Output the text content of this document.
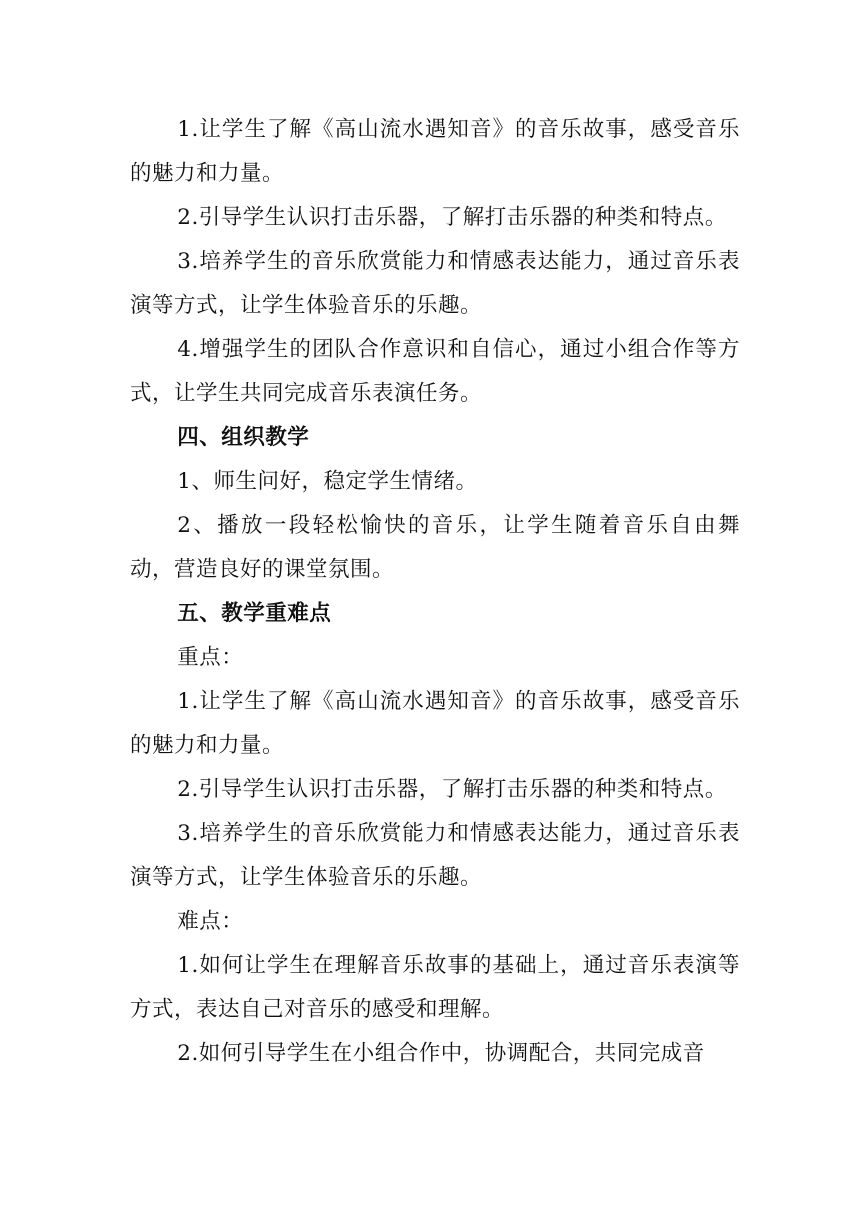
1.让学生了解《高山流水遇知音》的音乐故事，感受音乐的魅力和力量。

2.引导学生认识打击乐器，了解打击乐器的种类和特点。

3.培养学生的音乐欣赏能力和情感表达能力，通过音乐表演等方式，让学生体验音乐的乐趣。

4.增强学生的团队合作意识和自信心，通过小组合作等方式，让学生共同完成音乐表演任务。

四、组织教学

1、师生问好，稳定学生情绪。

2、播放一段轻松愉快的音乐，让学生随着音乐自由舞动，营造良好的课堂氛围。

五、教学重难点

重点：

1.让学生了解《高山流水遇知音》的音乐故事，感受音乐的魅力和力量。

2.引导学生认识打击乐器，了解打击乐器的种类和特点。

3.培养学生的音乐欣赏能力和情感表达能力，通过音乐表演等方式，让学生体验音乐的乐趣。

难点：

1.如何让学生在理解音乐故事的基础上，通过音乐表演等方式，表达自己对音乐的感受和理解。

2.如何引导学生在小组合作中，协调配合，共同完成音
